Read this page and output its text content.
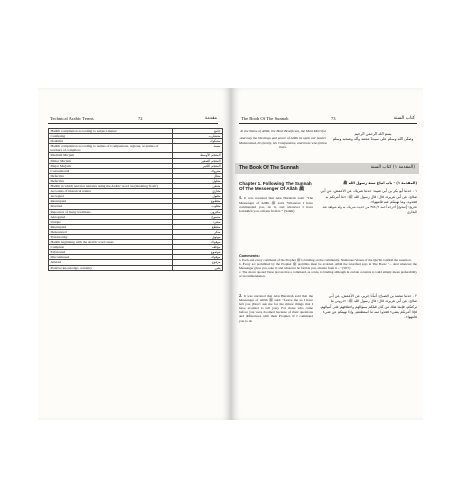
Technical Arabic Terms	72	مقدمة
Hadith compilation according to subject-matter	جامع
Confusing	مضطرب
Doubtful	مشكوك
Hadith compilation according to names of Companions, regions, or names of teachers of compilers	مسند
Medium Mu'jam	المعجم الأوسط
Minor Mu'jam	المعجم الصغير
Major Mu'jam	المعجم الكبير
Conventional	معروف
Defective	معلل
Defective	معلول
Hadith in which narrator narrates using the Arabic word 'an (meaning 'from')	معنعن
Accounts of historical nature	مغازي
Accepted	مقبول
Interrupted	مقطوع
Inverted	مقلوب
Reporters of many traditions	مكثرون
Abrogated	منسوخ
Unique	منفرد
Interrupted	منقطع
Denounced	منكر
Trustworthy	موثوق
Hadith beginning with the Arabic word areas	موقوف
Complete	مؤتلف
Fabricated	موضوع
Discontinued	موقوف
Altered	مرفوع
Positive knowledge, certainty	يقين
The Book Of The Sunnah	73	كتاب السنة
In the Name of Allāh, the Most Beneficent, the Most Merciful
And may the blessings and peace of Allāh be upon our master Muhammad, his family, his Companions, and those who follow them.
بسم الله الرحمن الرحيم
وصلى الله وسلم على سيدنا محمد وآله وصحبه وسلم
The Book Of The Sunnah	(المقدمة ١) كتاب السنة
Chapter 1. Following The Sunnah Of The Messenger Of Allāh ﷺ
1. It was narrated that Abu Hurairah said: "The Messenger of Allāh ﷺ said, 'Whatever I have commanded you, do it, and whatever I have forbidden you, refrain from it.'" (Sahih)
(المقدمة ١) - باب اتباع سنة رسول الله ﷺ
١ - حدثنا أبو بكر بن أبي شيبة: حدثنا شريك، عن الأعمش، عن أبي صالح، عن أبي هريرة، قال: قال رسول الله ﷺ: «ما أمرتكم به فخذوه، وما نهيتكم عنه فانتهوا».
تخريج: [صحيح] أخرجه أحمد ٢/ ٣٥٥ من حديث شريك، به وله شواهد عند البخاري
Comments:
a. Each and every command of the Prophet ﷺ is binding on the community. Numerous Verses of the Qur'ān confirm the assertion.
b. Every act prohibited by the Prophet ﷺ prohibits must be avoided. Allāh the Glorified says in The Book: "... And whatever the Messenger gives you, take it; and whatever he forbids you, abstain from it ..." (59:7)
c. The above quoted Verse proves that a command, as a rule, is binding although in certain contexts it could simply mean preferability or recommendation.
2. It was narrated that Abu Hurairah said that the Messenger of Allāh ﷺ said: "Leave me as I have left you (Don't ask me for the minor things that I have avoided to tell you). For those who came before you were doomed because of their questions and differences with their Prophet. If I command you to do
٢ - حدثنا محمد بن الصباح: أنبأنا جرير، عن الأعمش، عن أبي صالح، عن أبي هريرة، قال: قال رسول الله ﷺ: «ذروني ما تركتكم، فإنما هلك من كان قبلكم بسؤالهم واختلافهم على أنبيائهم، فإذا أمرتكم بشيء فخذوا منه ما استطعتم، وإذا نهيتكم عن شيء فانتهوا».
